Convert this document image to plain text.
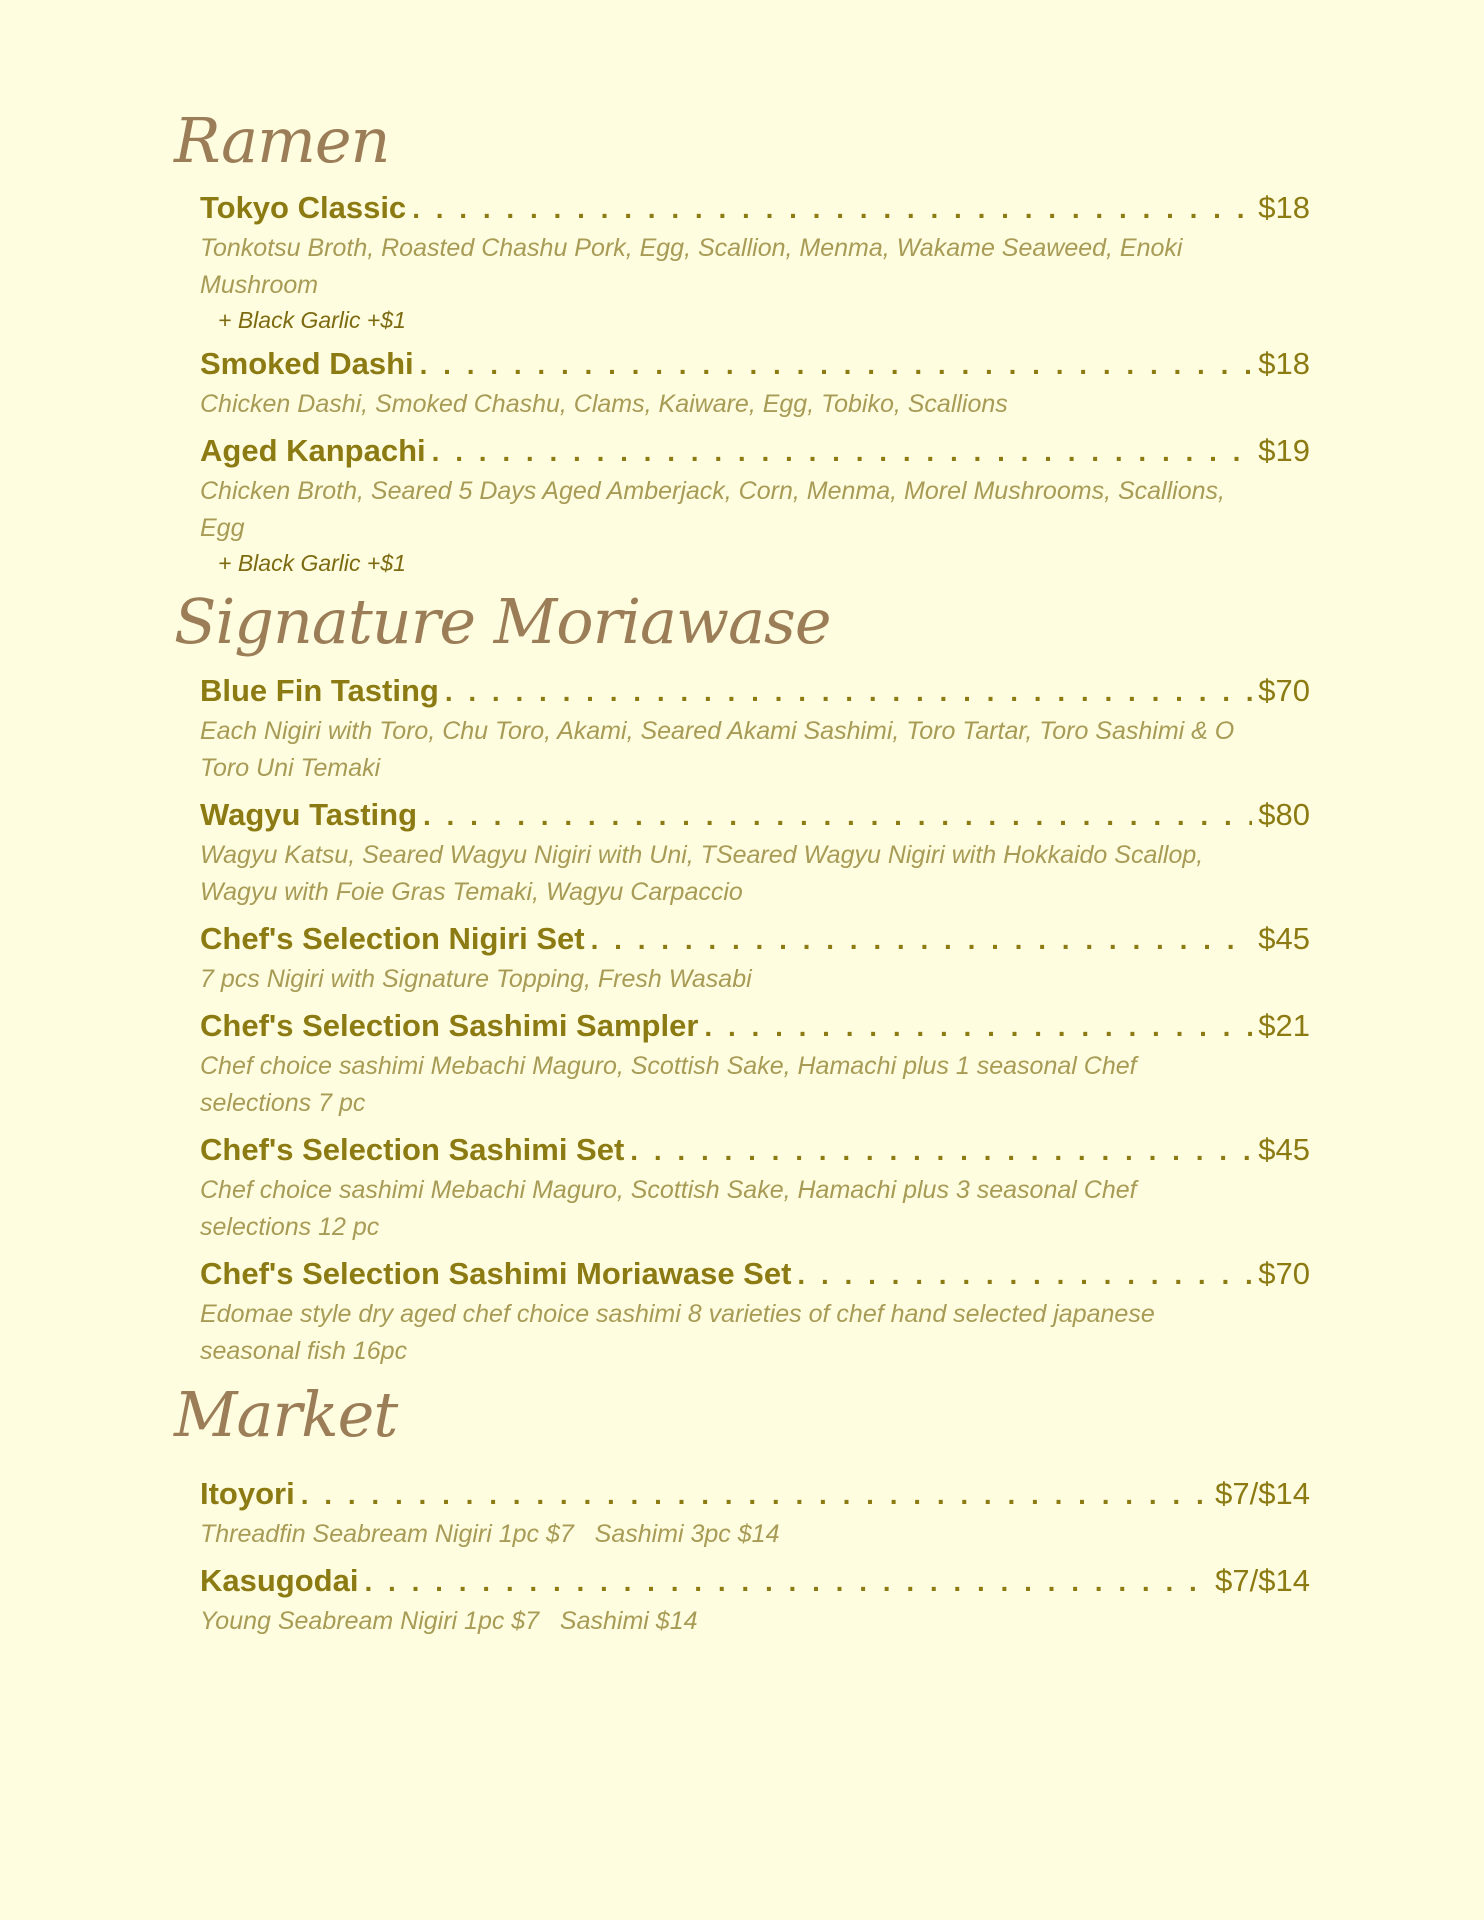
Ramen
Tokyo Classic . . .	$18
Tonkotsu Broth, Roasted Chashu Pork, Egg, Scallion, Menma, Wakame Seaweed, Enoki Mushroom
+ Black Garlic +$1
Smoked Dashi . . .	$18
Chicken Dashi, Smoked Chashu, Clams, Kaiware, Egg, Tobiko, Scallions
Aged Kanpachi . . .	$19
Chicken Broth, Seared 5 Days Aged Amberjack, Corn, Menma, Morel Mushrooms, Scallions, Egg
+ Black Garlic +$1
Signature Moriawase
Blue Fin Tasting . . .	$70
Each Nigiri with Toro, Chu Toro, Akami, Seared Akami Sashimi, Toro Tartar, Toro Sashimi & O Toro Uni Temaki
Wagyu Tasting . . .	$80
Wagyu Katsu, Seared Wagyu Nigiri with Uni, TSeared Wagyu Nigiri with Hokkaido Scallop, Wagyu with Foie Gras Temaki, Wagyu Carpaccio
Chef's Selection Nigiri Set . . .	$45
7 pcs Nigiri with Signature Topping, Fresh Wasabi
Chef's Selection Sashimi Sampler . . .	$21
Chef choice sashimi Mebachi Maguro, Scottish Sake, Hamachi plus 1 seasonal Chef selections 7 pc
Chef's Selection Sashimi Set . . .	$45
Chef choice sashimi Mebachi Maguro, Scottish Sake, Hamachi plus 3 seasonal Chef selections 12 pc
Chef's Selection Sashimi Moriawase Set . . .	$70
Edomae style dry aged chef choice sashimi 8 varieties of chef hand selected japanese seasonal fish 16pc
Market
Itoyori . . .	$7/$14
Threadfin Seabream Nigiri 1pc $7   Sashimi 3pc $14
Kasugodai . . .	$7/$14
Young Seabream Nigiri 1pc $7   Sashimi $14
